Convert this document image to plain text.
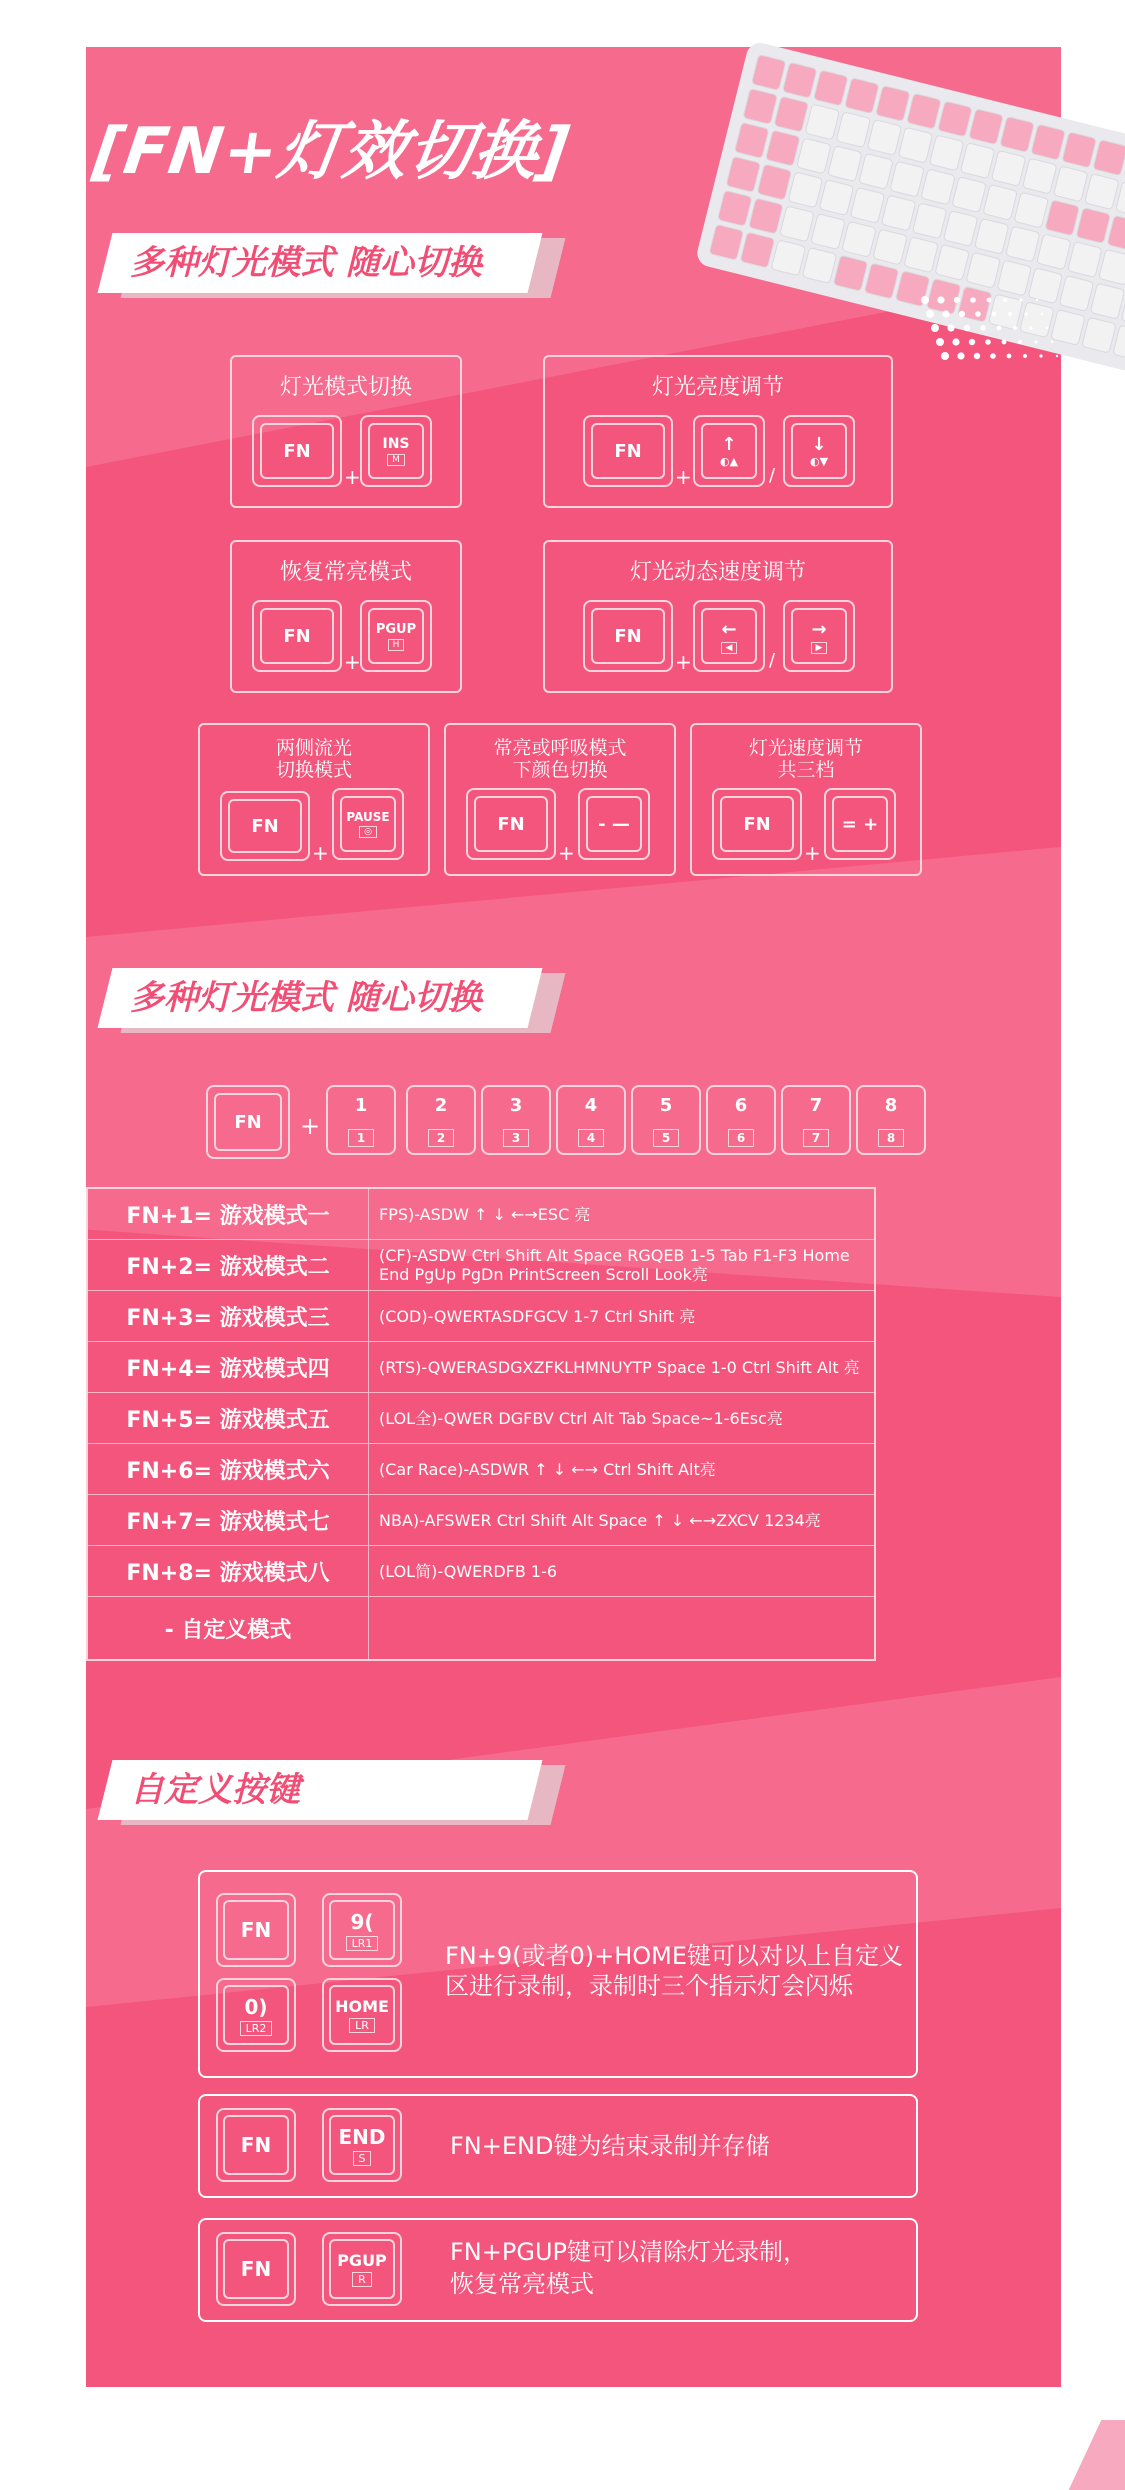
[FN+灯效切换]
多种灯光模式 随心切换
灯光模式切换
FN
+
INS
M
灯光亮度调节
FN
+
↑
◐▲
/
↓
◐▼
恢复常亮模式
FN
+
PGUP
H
灯光动态速度调节
FN
+
←
◀
/
→
▶
两侧流光
切换模式
FN
+
PAUSE
◎
常亮或呼吸模式
下颜色切换
FN
+
- —
灯光速度调节
共三档
FN
+
= +
多种灯光模式 随心切换
FN	+
1
1
2
2
3
3
4
4
5
5
6
6
7
7
8
8
FN+1= 游戏模式一	FPS)-ASDW ↑ ↓ ←→ESC 亮
FN+2= 游戏模式二	(CF)-ASDW Ctrl Shift Alt Space RGQEB 1-5 Tab F1-F3 Home End PgUp PgDn PrintScreen Scroll Look亮
FN+3= 游戏模式三	(COD)-QWERTASDFGCV 1-7 Ctrl Shift 亮
FN+4= 游戏模式四	(RTS)-QWERASDGXZFKLHMNUYTP Space 1-0 Ctrl Shift Alt 亮
FN+5= 游戏模式五	(LOL全)-QWER DGFBV Ctrl Alt Tab Space~1-6Esc亮
FN+6= 游戏模式六	(Car Race)-ASDWR ↑ ↓ ←→ Ctrl Shift Alt亮
FN+7= 游戏模式七	NBA)-AFSWER Ctrl Shift Alt Space ↑ ↓ ←→ZXCV 1234亮
FN+8= 游戏模式八	(LOL简)-QWERDFB 1-6
- 自定义模式	
自定义按键
FN	9(
LR1
0)
LR2
HOME
LR
FN+9(或者0)+HOME键可以对以上自定义
区进行录制，录制时三个指示灯会闪烁
FN	END
S	FN+END键为结束录制并存储
FN	PGUP
R
FN+PGUP键可以清除灯光录制，
恢复常亮模式
